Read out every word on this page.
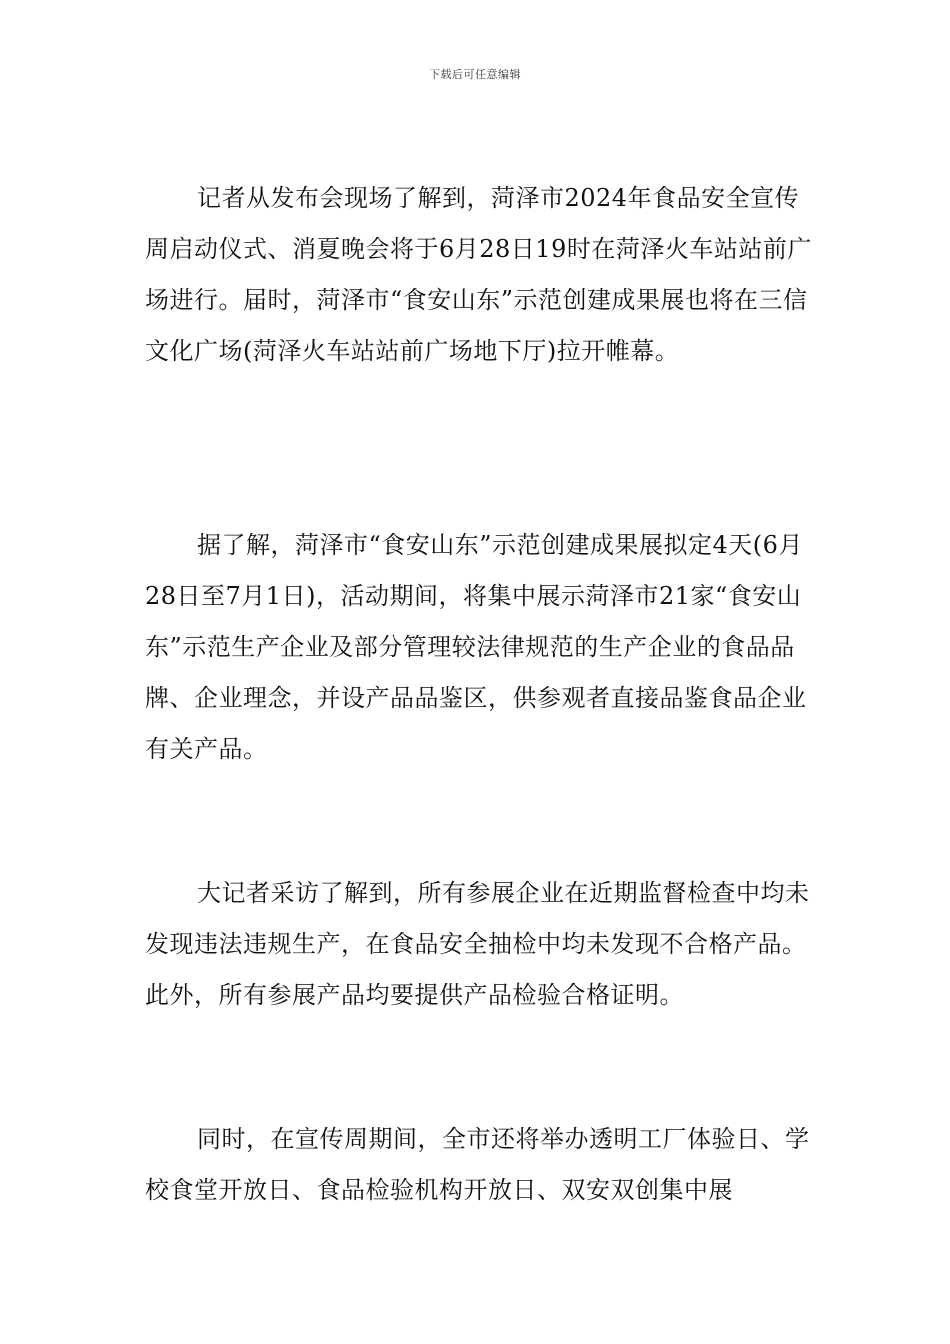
下载后可任意编辑

记者从发布会现场了解到，菏泽市2024年食品安全宣传周启动仪式、消夏晚会将于6月28日19时在菏泽火车站站前广场进行。届时，菏泽市“食安山东”示范创建成果展也将在三信文化广场(菏泽火车站站前广场地下厅)拉开帷幕。

据了解，菏泽市“食安山东”示范创建成果展拟定4天(6月28日至7月1日)，活动期间，将集中展示菏泽市21家“食安山东”示范生产企业及部分管理较法律规范的生产企业的食品品牌、企业理念，并设产品品鉴区，供参观者直接品鉴食品企业有关产品。

大记者采访了解到，所有参展企业在近期监督检查中均未发现违法违规生产，在食品安全抽检中均未发现不合格产品。此外，所有参展产品均要提供产品检验合格证明。

同时，在宣传周期间，全市还将举办透明工厂体验日、学校食堂开放日、食品检验机构开放日、双安双创集中展
